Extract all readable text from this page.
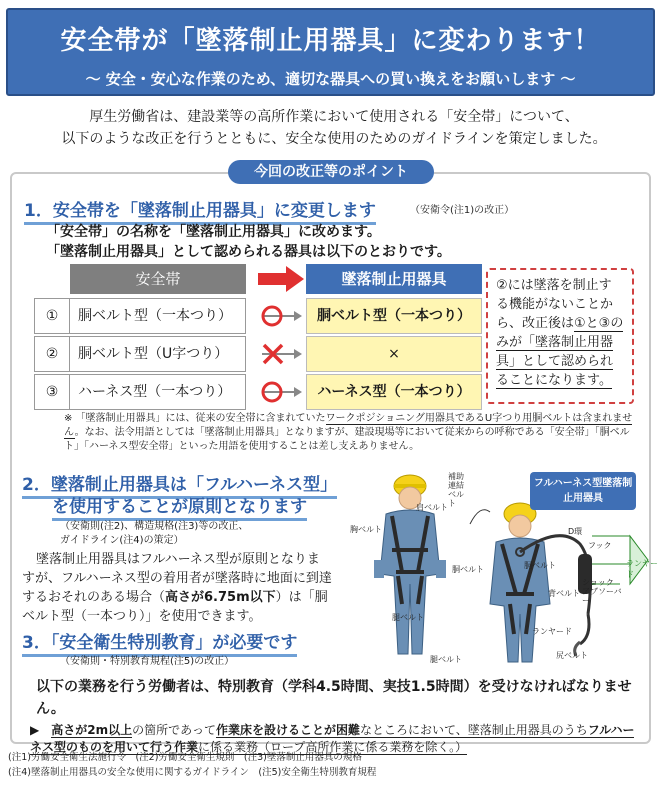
安全帯が「墜落制止用器具」に変わります！
～ 安全・安心な作業のため、適切な器具への買い換えをお願いします ～
厚生労働省は、建設業等の高所作業において使用される「安全帯」について、
以下のような改正を行うとともに、安全な使用のためのガイドラインを策定しました。
今回の改正等のポイント
1．安全帯を「墜落制止用器具」に変更します	（安衛令(注1)の改正）
「安全帯」の名称を「墜落制止用器具」に改めます。
「墜落制止用器具」として認められる器具は以下のとおりです。
安全帯	墜落制止用器具
①	胴ベルト型（一本つり）	胴ベルト型（一本つり）
②	胴ベルト型（U字つり）	×
③	ハーネス型（一本つり）	ハーネス型（一本つり）
②には墜落を制止する機能がないことから、改正後は①と③のみが「墜落制止用器具」として認められることになります。
※ 「墜落制止用器具」には、従来の安全帯に含まれていたワークポジショニング用器具であるU字つり用胴ベルトは含まれません。なお、法令用語としては「墜落制止用器具」となりますが、建設現場等において従来からの呼称である「安全帯」「胴ベルト」「ハーネス型安全帯」といった用語を使用することは差し支えありません。
2．墜落制止用器具は「フルハーネス型」
を使用することが原則となります
（安衛則(注2)、構造規格(注3)等の改正、
ガイドライン(注4)の策定）
墜落制止用器具はフルハーネス型が原則となりますが、フルハーネス型の着用者が墜落時に地面に到達するおそれのある場合（高さが6.75m以下）は「胴ベルト型（一本つり）」を使用できます。
フルハーネス型墜落制止用器具
補助
連結ベルト
肩ベルト
胸ベルト	D環
胴ベルト
フック
ランヤード
ショック
アブソーバー
ランヤード
尻ベルト
腿ベルト
背ベルト
胴ベルト
腿ベルト
3．「安全衛生特別教育」が必要です
（安衛則・特別教育規程(注5)の改正）
以下の業務を行う労働者は、特別教育（学科4.5時間、実技1.5時間）を受けなければなりません。
▶　高さが2m以上の箇所であって作業床を設けることが困難なところにおいて、墜落制止用器具のうちフルハーネス型のものを用いて行う作業に係る業務（ロープ高所作業に係る業務を除く。）
(注1)労働安全衛生法施行令　(注2)労働安全衛生規則　(注3)墜落制止用器具の規格
(注4)墜落制止用器具の安全な使用に関するガイドライン　(注5)安全衛生特別教育規程
